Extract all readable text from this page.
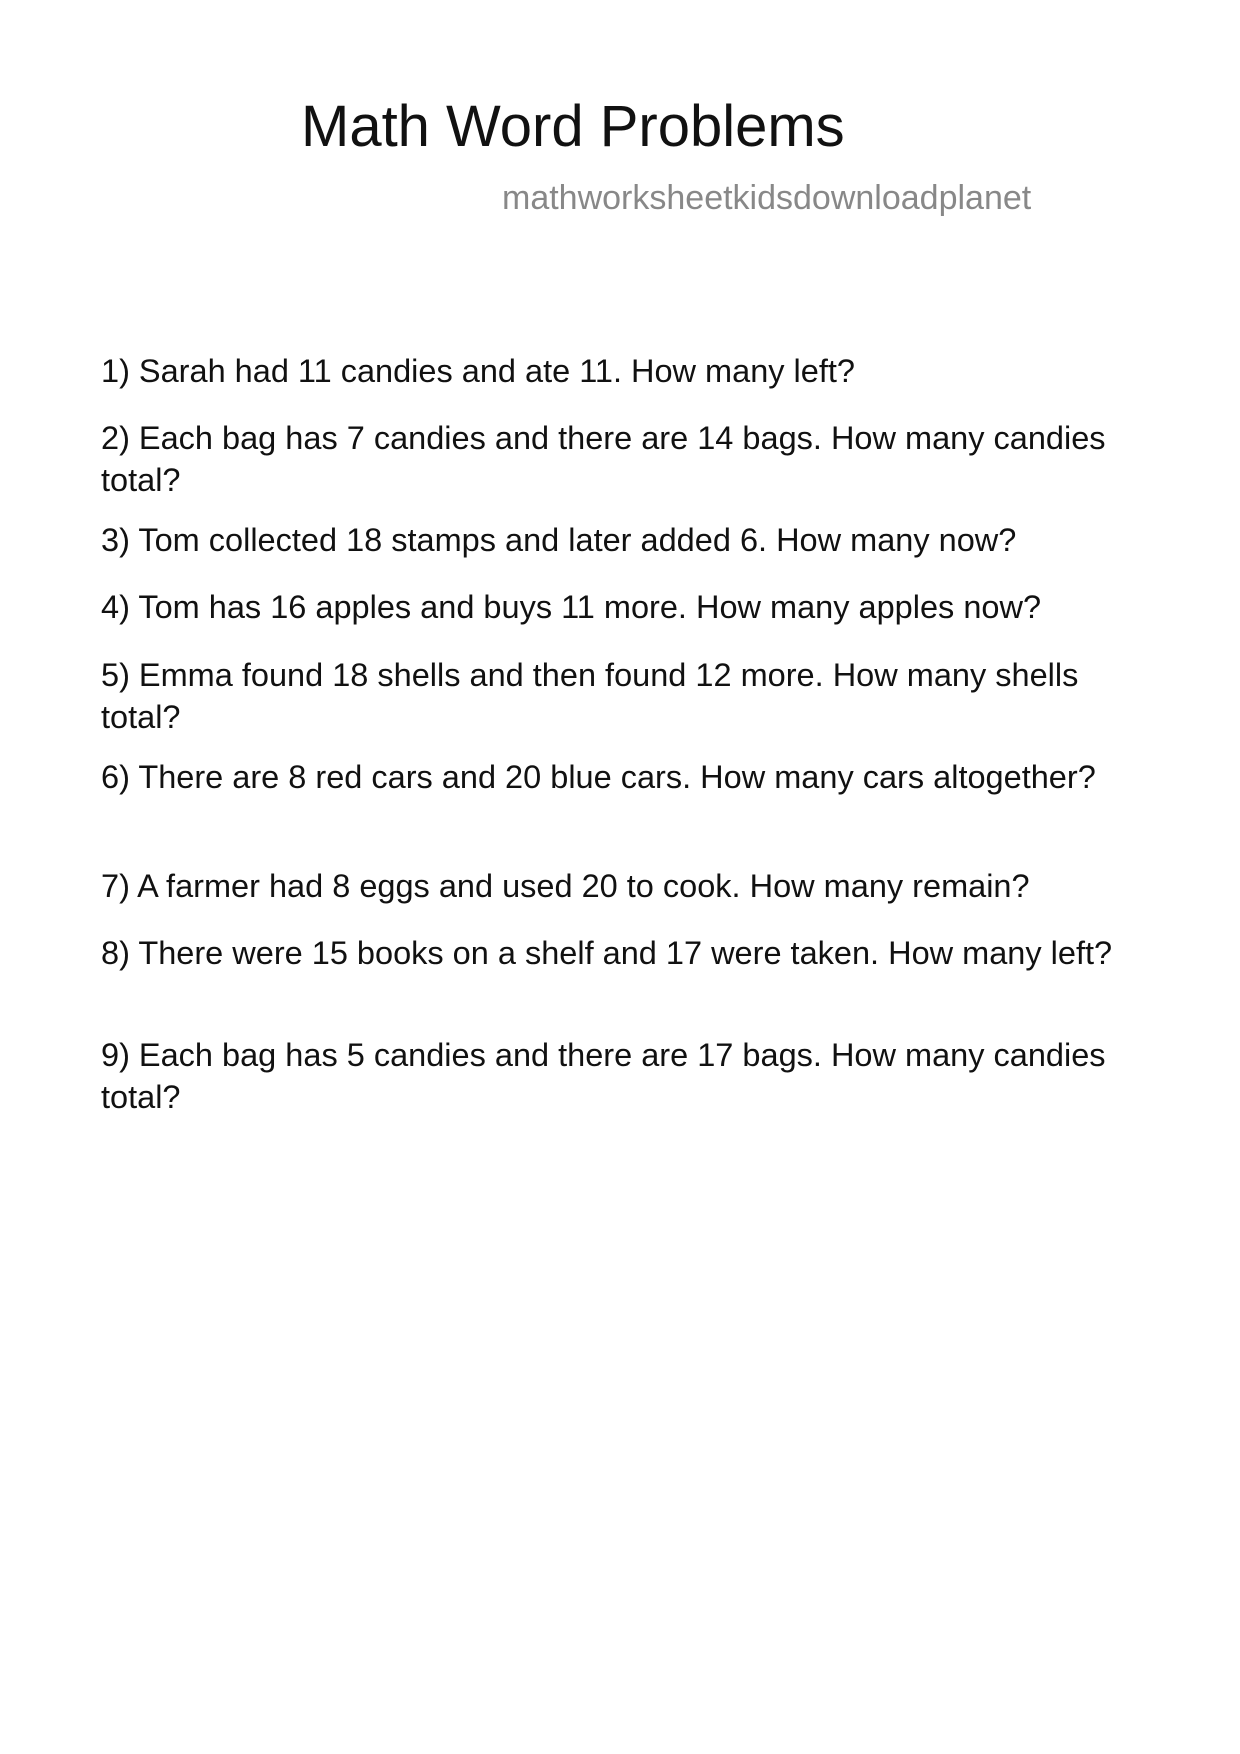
Math Word Problems
mathworksheetkidsdownloadplanet
1) Sarah had 11 candies and ate 11. How many left?
2) Each bag has 7 candies and there are 14 bags. How many candies total?
3) Tom collected 18 stamps and later added 6. How many now?
4) Tom has 16 apples and buys 11 more. How many apples now?
5) Emma found 18 shells and then found 12 more. How many shells total?
6) There are 8 red cars and 20 blue cars. How many cars altogether?
7) A farmer had 8 eggs and used 20 to cook. How many remain?
8) There were 15 books on a shelf and 17 were taken. How many left?
9) Each bag has 5 candies and there are 17 bags. How many candies total?
